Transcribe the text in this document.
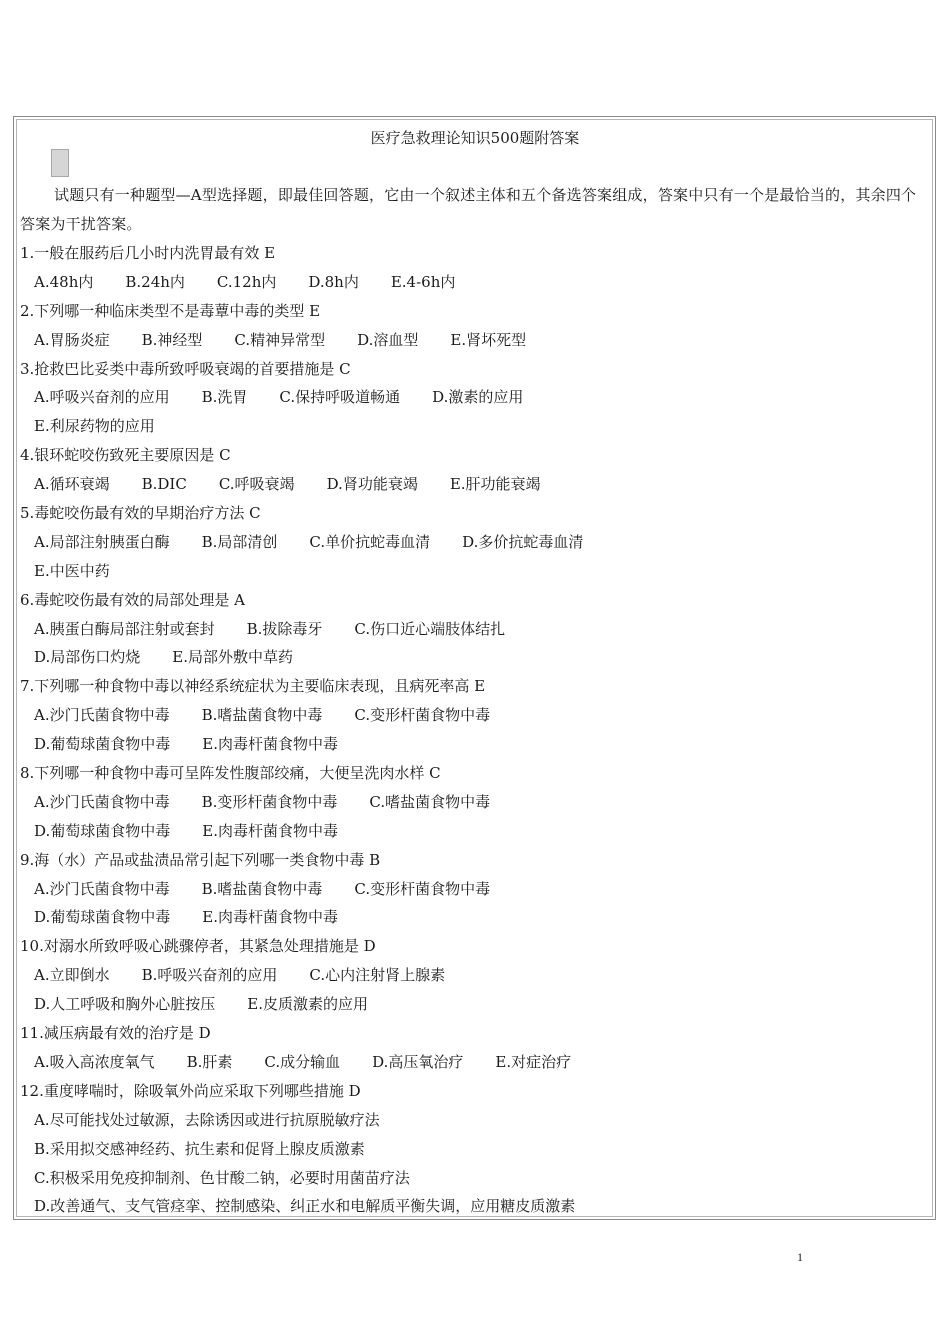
医疗急救理论知识500题附答案
试题只有一种题型—A型选择题，即最佳回答题，它由一个叙述主体和五个备选答案组成，答案中只有一个是最恰当的，其余四个答案为干扰答案。
1.一般在服药后几小时内洗胃最有效 E
A.48h内 B.24h内 C.12h内 D.8h内 E.4-6h内
2.下列哪一种临床类型不是毒蕈中毒的类型 E
A.胃肠炎症 B.神经型 C.精神异常型 D.溶血型 E.肾坏死型
3.抢救巴比妥类中毒所致呼吸衰竭的首要措施是 C
A.呼吸兴奋剂的应用 B.洗胃 C.保持呼吸道畅通 D.激素的应用
E.利尿药物的应用
4.银环蛇咬伤致死主要原因是 C
A.循环衰竭 B.DIC C.呼吸衰竭 D.肾功能衰竭 E.肝功能衰竭
5.毒蛇咬伤最有效的早期治疗方法 C
A.局部注射胰蛋白酶 B.局部清创 C.单价抗蛇毒血清 D.多价抗蛇毒血清
E.中医中药
6.毒蛇咬伤最有效的局部处理是 A
A.胰蛋白酶局部注射或套封 B.拔除毒牙 C.伤口近心端肢体结扎
D.局部伤口灼烧 E.局部外敷中草药
7.下列哪一种食物中毒以神经系统症状为主要临床表现，且病死率高 E
A.沙门氏菌食物中毒 B.嗜盐菌食物中毒 C.变形杆菌食物中毒
D.葡萄球菌食物中毒 E.肉毒杆菌食物中毒
8.下列哪一种食物中毒可呈阵发性腹部绞痛，大便呈洗肉水样 C
A.沙门氏菌食物中毒 B.变形杆菌食物中毒 C.嗜盐菌食物中毒
D.葡萄球菌食物中毒 E.肉毒杆菌食物中毒
9.海（水）产品或盐渍品常引起下列哪一类食物中毒 B
A.沙门氏菌食物中毒 B.嗜盐菌食物中毒 C.变形杆菌食物中毒
D.葡萄球菌食物中毒 E.肉毒杆菌食物中毒
10.对溺水所致呼吸心跳骤停者，其紧急处理措施是 D
A.立即倒水 B.呼吸兴奋剂的应用 C.心内注射肾上腺素
D.人工呼吸和胸外心脏按压 E.皮质激素的应用
11.减压病最有效的治疗是 D
A.吸入高浓度氧气 B.肝素 C.成分输血 D.高压氧治疗 E.对症治疗
12.重度哮喘时，除吸氧外尚应采取下列哪些措施 D
A.尽可能找处过敏源，去除诱因或进行抗原脱敏疗法
B.采用拟交感神经药、抗生素和促肾上腺皮质激素
C.积极采用免疫抑制剂、色甘酸二钠，必要时用菌苗疗法
D.改善通气、支气管痉挛、控制感染、纠正水和电解质平衡失调，应用糖皮质激素
1
